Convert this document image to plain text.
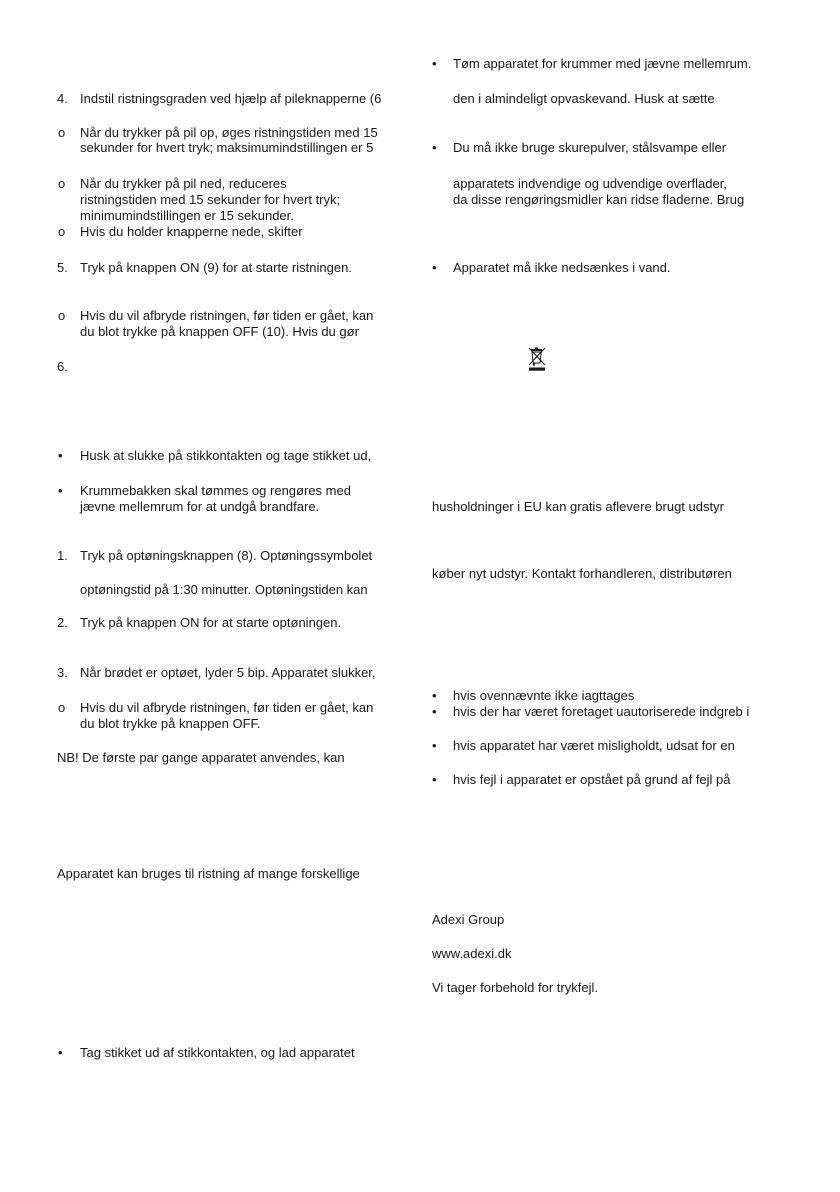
4. Indstil ristningsgraden ved hjælp af pileknapperne (6
o Når du trykker på pil op, øges ristningstiden med 15
sekunder for hvert tryk; maksimumindstillingen er 5
o Når du trykker på pil ned, reduceres
ristningstiden med 15 sekunder for hvert tryk;
minimumindstillingen er 15 sekunder.
o Hvis du holder knapperne nede, skifter
5. Tryk på knappen ON (9) for at starte ristningen.
o Hvis du vil afbryde ristningen, før tiden er gået, kan
du blot trykke på knappen OFF (10). Hvis du gør
6.
• Husk at slukke på stikkontakten og tage stikket ud,
• Krummebakken skal tømmes og rengøres med
jævne mellemrum for at undgå brandfare.
1. Tryk på optøningsknappen (8). Optøningssymbolet
optøningstid på 1:30 minutter. Optøningstiden kan
2. Tryk på knappen ON for at starte optøningen.
3. Når brødet er optøet, lyder 5 bip. Apparatet slukker,
o Hvis du vil afbryde ristningen, før tiden er gået, kan
du blot trykke på knappen OFF.
NB! De første par gange apparatet anvendes, kan
Apparatet kan bruges til ristning af mange forskellige
• Tag stikket ud af stikkontakten, og lad apparatet
• Tøm apparatet for krummer med jævne mellemrum.
den i almindeligt opvaskevand. Husk at sætte
• Du må ikke bruge skurepulver, stålsvampe eller
apparatets indvendige og udvendige overflader,
da disse rengøringsmidler kan ridse fladerne. Brug
• Apparatet må ikke nedsænkes i vand.
husholdninger i EU kan gratis aflevere brugt udstyr
køber nyt udstyr. Kontakt forhandleren, distributøren
• hvis ovennævnte ikke iagttages
• hvis der har været foretaget uautoriserede indgreb i
• hvis apparatet har været misligholdt, udsat for en
• hvis fejl i apparatet er opstået på grund af fejl på
Adexi Group
www.adexi.dk
Vi tager forbehold for trykfejl.
